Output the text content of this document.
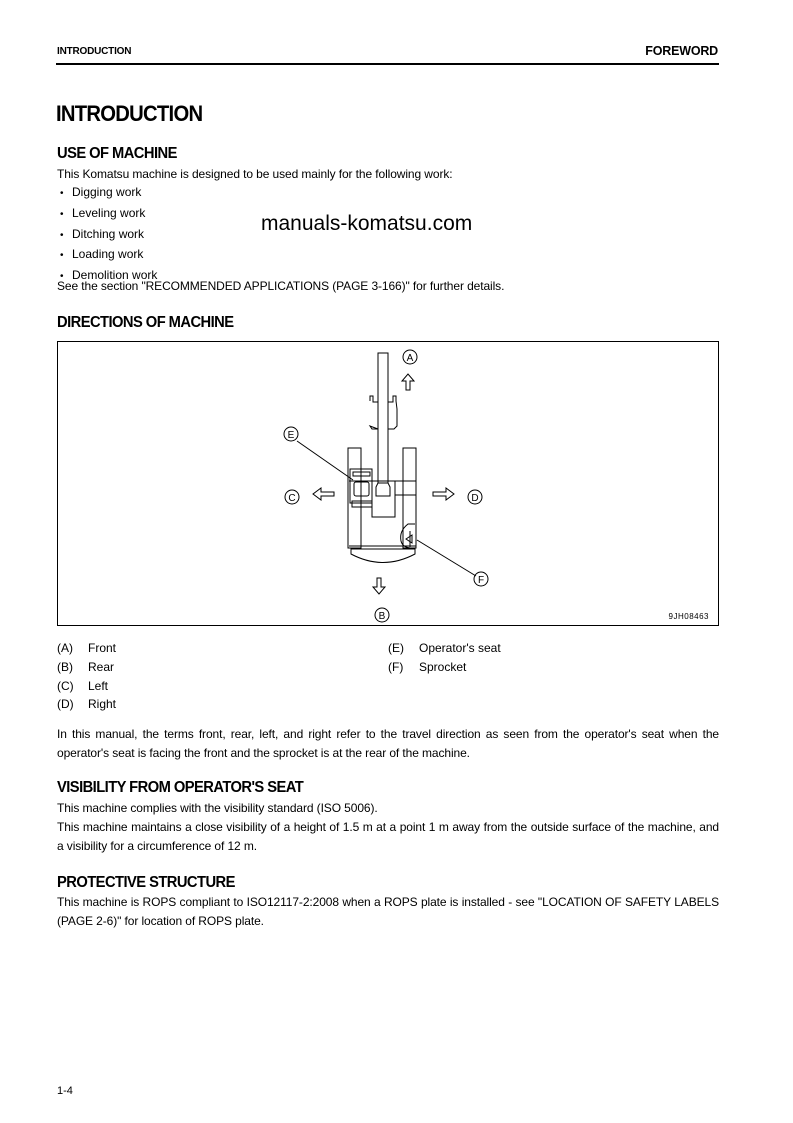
INTRODUCTION	FOREWORD
INTRODUCTION
USE OF MACHINE
This Komatsu machine is designed to be used mainly for the following work:
• Digging work
• Leveling work
• Ditching work
• Loading work
• Demolition work
manuals-komatsu.com
See the section "RECOMMENDED APPLICATIONS (PAGE 3-166)" for further details.
DIRECTIONS OF MACHINE
A
B
C	D
E
F
9JH08463
(A) Front
(B) Rear
(C) Left
(D) Right
(E) Operator's seat
(F) Sprocket
In this manual, the terms front, rear, left, and right refer to the travel direction as seen from the operator's seat when the operator's seat is facing the front and the sprocket is at the rear of the machine.
VISIBILITY FROM OPERATOR'S SEAT
This machine complies with the visibility standard (ISO 5006).
This machine maintains a close visibility of a height of 1.5 m at a point 1 m away from the outside surface of the machine, and a visibility for a circumference of 12 m.
PROTECTIVE STRUCTURE
This machine is ROPS compliant to ISO12117-2:2008 when a ROPS plate is installed - see "LOCATION OF SAFETY LABELS (PAGE 2-6)" for location of ROPS plate.
1-4
